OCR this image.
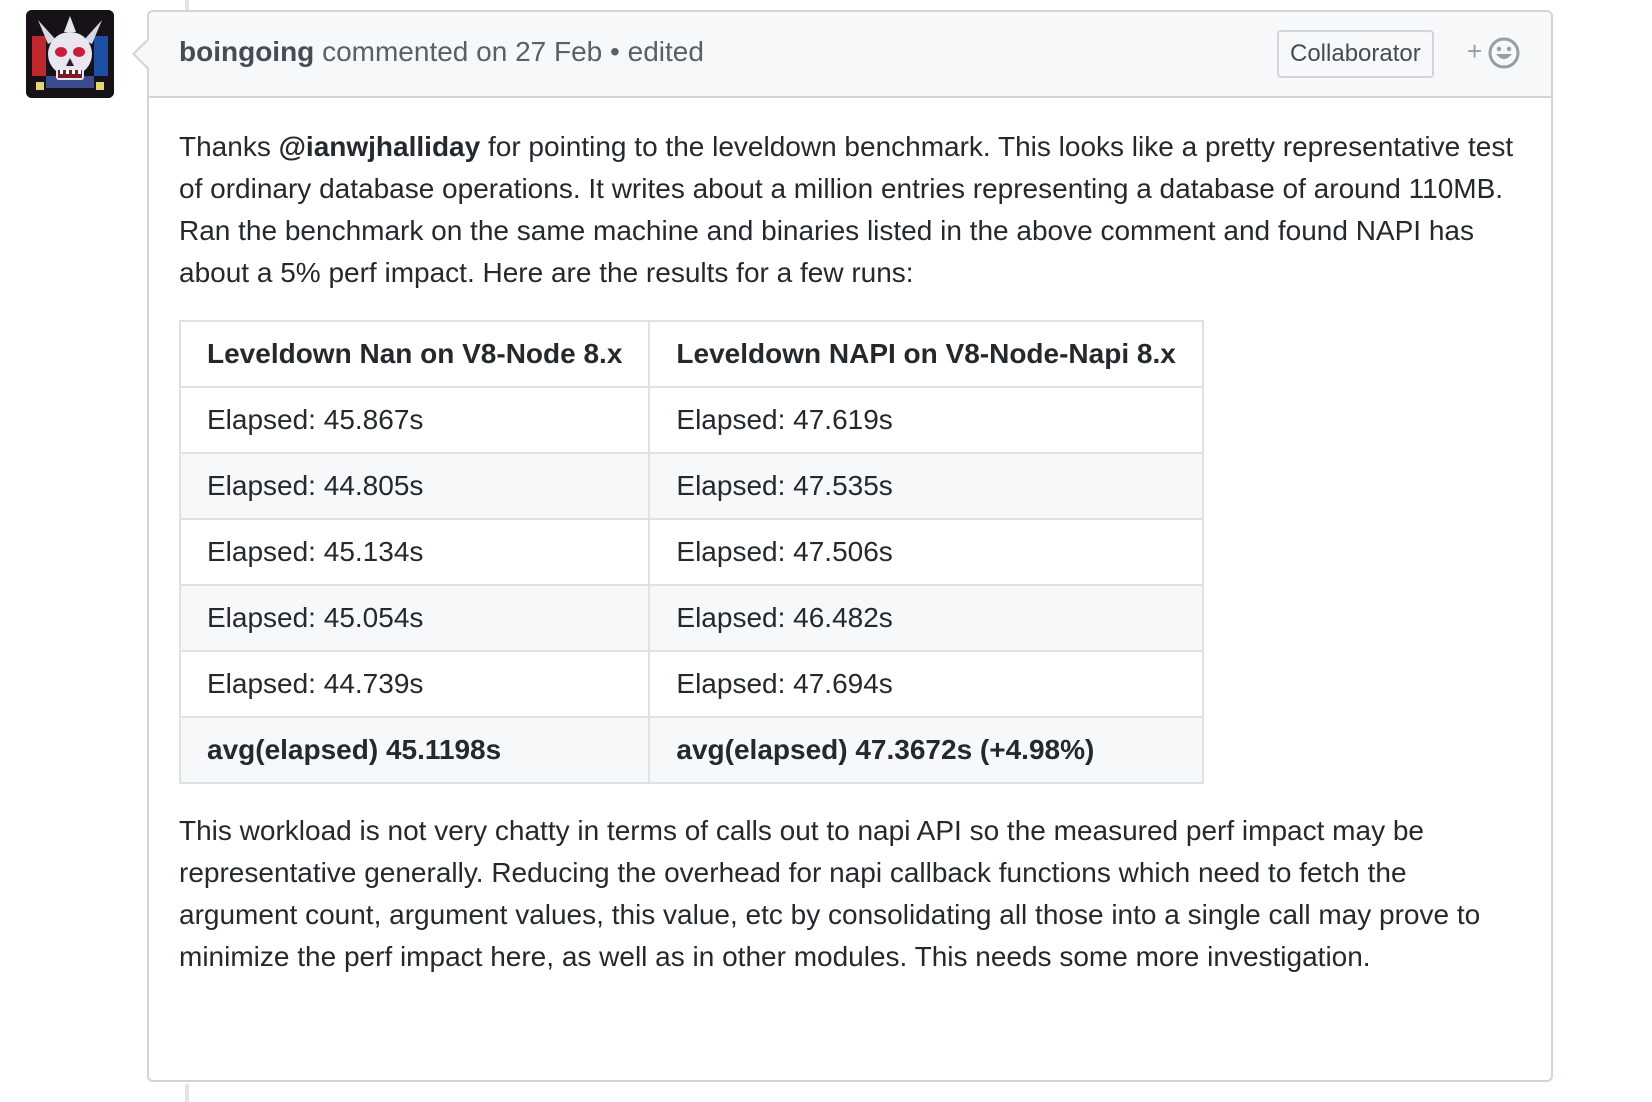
boingoing commented on 27 Feb • edited	Collaborator	+

Thanks @ianwjhalliday for pointing to the leveldown benchmark. This looks like a pretty representative test of ordinary database operations. It writes about a million entries representing a database of around 110MB. Ran the benchmark on the same machine and binaries listed in the above comment and found NAPI has about a 5% perf impact. Here are the results for a few runs:

Leveldown Nan on V8-Node 8.x	Leveldown NAPI on V8-Node-Napi 8.x
Elapsed: 45.867s	Elapsed: 47.619s
Elapsed: 44.805s	Elapsed: 47.535s
Elapsed: 45.134s	Elapsed: 47.506s
Elapsed: 45.054s	Elapsed: 46.482s
Elapsed: 44.739s	Elapsed: 47.694s
avg(elapsed) 45.1198s	avg(elapsed) 47.3672s (+4.98%)

This workload is not very chatty in terms of calls out to napi API so the measured perf impact may be representative generally. Reducing the overhead for napi callback functions which need to fetch the argument count, argument values, this value, etc by consolidating all those into a single call may prove to minimize the perf impact here, as well as in other modules. This needs some more investigation.
